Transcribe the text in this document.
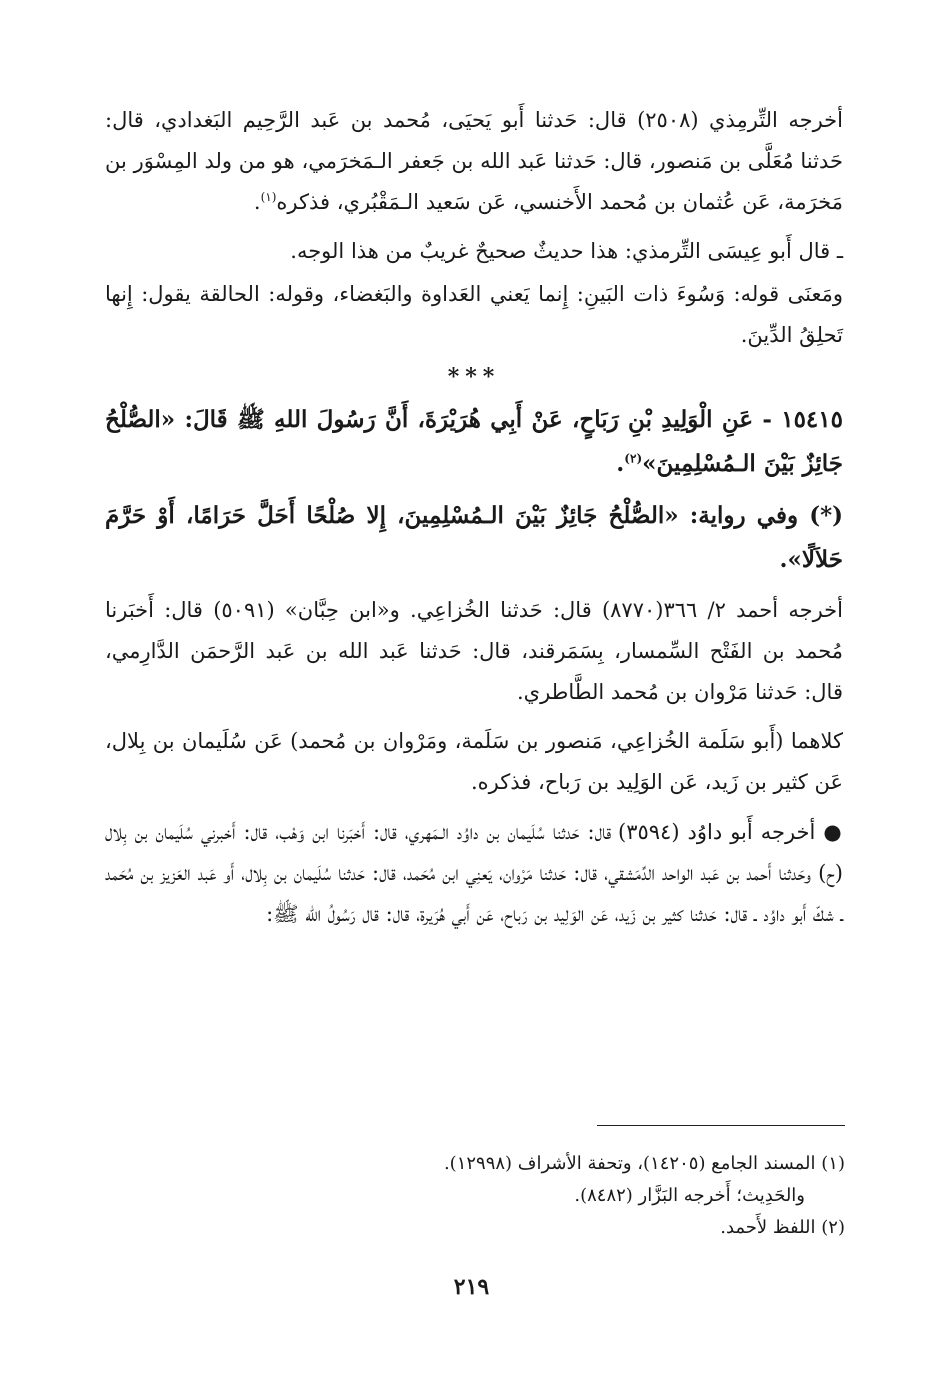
أخرجه التِّرمِذي (٢٥٠٨) قال: حَدثنا أَبو يَحيَى، مُحمد بن عَبد الرَّحِيم البَغدادي، قال: حَدثنا مُعَلَّى بن مَنصور، قال: حَدثنا عَبد الله بن جَعفر الـمَخرَمي، هو من ولد المِسْوَر بن مَخرَمة، عَن عُثمان بن مُحمد الأَخنسي، عَن سَعيد الـمَقْبُري، فذكره$^{(١)}$.

ـ قال أَبو عِيسَى التِّرمذي: هذا حديثٌ صحيحٌ غريبٌ من هذا الوجه.

ومَعنَى قوله: وَسُوءَ ذات البَينِ: إِنما يَعني العَداوة والبَغضاء، وقوله: الحالقة يقول: إِنها تَحلِقُ الدِّينَ.

***

١٥٤١٥ - عَنِ الْوَلِيدِ بْنِ رَبَاحٍ، عَنْ أَبِي هُرَيْرَةَ، أَنَّ رَسُولَ اللهِ ﷺ قَالَ: «الصُّلْحُ جَائِزٌ بَيْنَ الـمُسْلِمِينَ»$^{(٢)}$.

(*) وفي رواية: «الصُّلْحُ جَائِزٌ بَيْنَ الـمُسْلِمِينَ، إِلا صُلْحًا أَحَلَّ حَرَامًا، أَوْ حَرَّمَ حَلاَلًا».

أخرجه أحمد ٢/ ٣٦٦(٨٧٧٠) قال: حَدثنا الخُزاعِي. و«ابن حِبَّان» (٥٠٩١) قال: أَخبَرنا مُحمد بن الفَتْح السِّمسار، بِسَمَرقند، قال: حَدثنا عَبد الله بن عَبد الرَّحمَن الدَّارِمي، قال: حَدثنا مَرْوان بن مُحمد الطَّاطري.

كلاهما (أَبو سَلَمة الخُزاعِي، مَنصور بن سَلَمة، ومَرْوان بن مُحمد) عَن سُلَيمان بن بِلال، عَن كثير بن زَيد، عَن الوَلِيد بن رَباح، فذكره.

● أخرجه أَبو داوُد (٣٥٩٤) قال: حَدثنا سُلَيمان بن داوُد الـمَهري، قال: أَخبَرنا ابن وَهْب، قال: أَخبرني سُلَيمان بن بِلال (ح) وحَدثنا أَحمد بن عَبد الواحد الدِّمَشقي، قال: حَدثنا مَرْوان، يَعنِي ابن مُحَمد، قال: حَدثنا سُلَيمان بن بِلال، أَو عَبد العَزيز بن مُحَمد ـ شكّ أَبو داوُد ـ قال: حَدثنا كثير بن زَيد، عَن الوَلِيد بن رَباح، عَن أَبي هُرَيرة، قال: قال رَسُولُ الله ﷺ:

(١) المسند الجامع (١٤٢٠٥)، وتحفة الأشراف (١٢٩٩٨).

والحَدِيث؛ أَخرجه البَزَّار (٨٤٨٢).

(٢) اللفظ لأَحمد.

٢١٩
